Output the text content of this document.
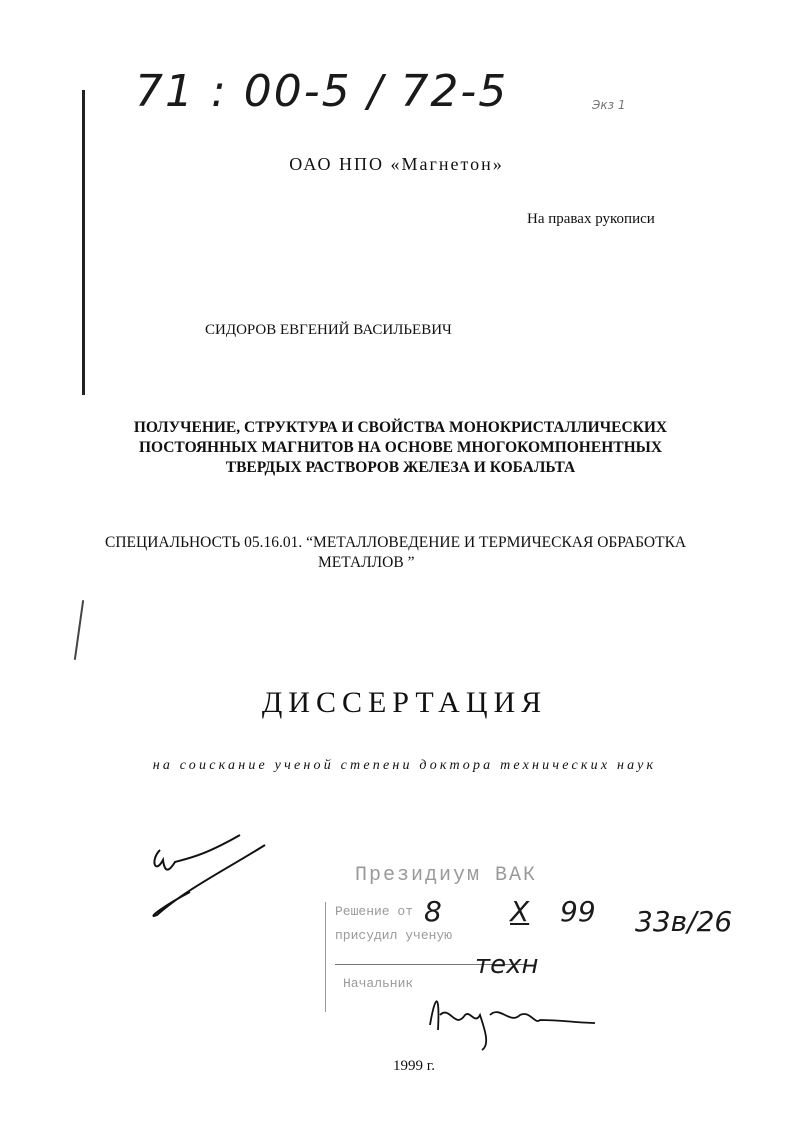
71 : 00-5 / 72-5	Экз 1
ОАО НПО «Магнетон»
На правах рукописи
СИДОРОВ ЕВГЕНИЙ ВАСИЛЬЕВИЧ
ПОЛУЧЕНИЕ, СТРУКТУРА И СВОЙСТВА МОНОКРИСТАЛЛИЧЕСКИХ
ПОСТОЯННЫХ МАГНИТОВ НА ОСНОВЕ МНОГОКОМПОНЕНТНЫХ
ТВЕРДЫХ РАСТВОРОВ ЖЕЛЕЗА И КОБАЛЬТА
СПЕЦИАЛЬНОСТЬ 05.16.01. “МЕТАЛЛОВЕДЕНИЕ И ТЕРМИЧЕСКАЯ ОБРАБОТКА
МЕТАЛЛОВ ”
ДИССЕРТАЦИЯ
на соискание ученой степени доктора технических наук
Президиум ВАК
Решение от
присудил ученую
Начальник
8 X 99 33в/26
техн
1999 г.
